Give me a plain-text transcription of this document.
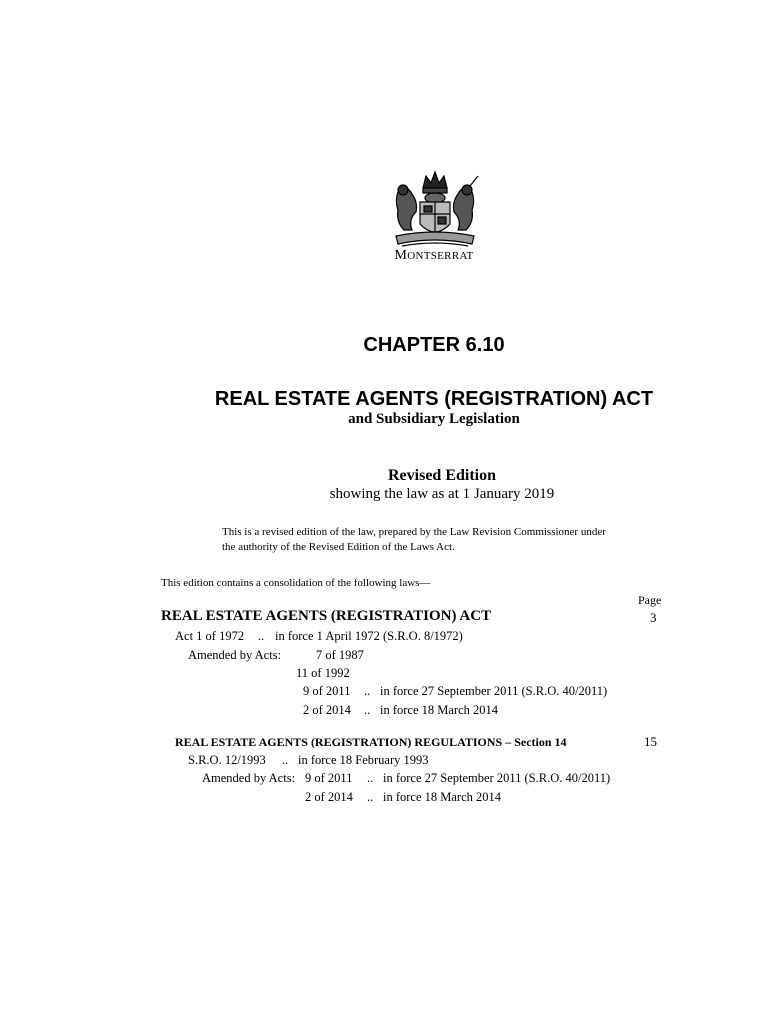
MONTSERRAT
CHAPTER 6.10
REAL ESTATE AGENTS (REGISTRATION) ACT
and Subsidiary Legislation
Revised Edition
showing the law as at 1 January 2019
This is a revised edition of the law, prepared by the Law Revision Commissioner under
the authority of the Revised Edition of the Laws Act.
This edition contains a consolidation of the following laws—
Page
REAL ESTATE AGENTS (REGISTRATION) ACT	3
Act 1 of 1972 .. in force 1 April 1972 (S.R.O. 8/1972)
Amended by Acts:	7 of 1987
11 of 1992
9 of 2011 .. in force 27 September 2011 (S.R.O. 40/2011)
2 of 2014 .. in force 18 March 2014
REAL ESTATE AGENTS (REGISTRATION) REGULATIONS – Section 14	15
S.R.O. 12/1993 .. in force 18 February 1993
Amended by Acts: 9 of 2011 .. in force 27 September 2011 (S.R.O. 40/2011)
2 of 2014 .. in force 18 March 2014
